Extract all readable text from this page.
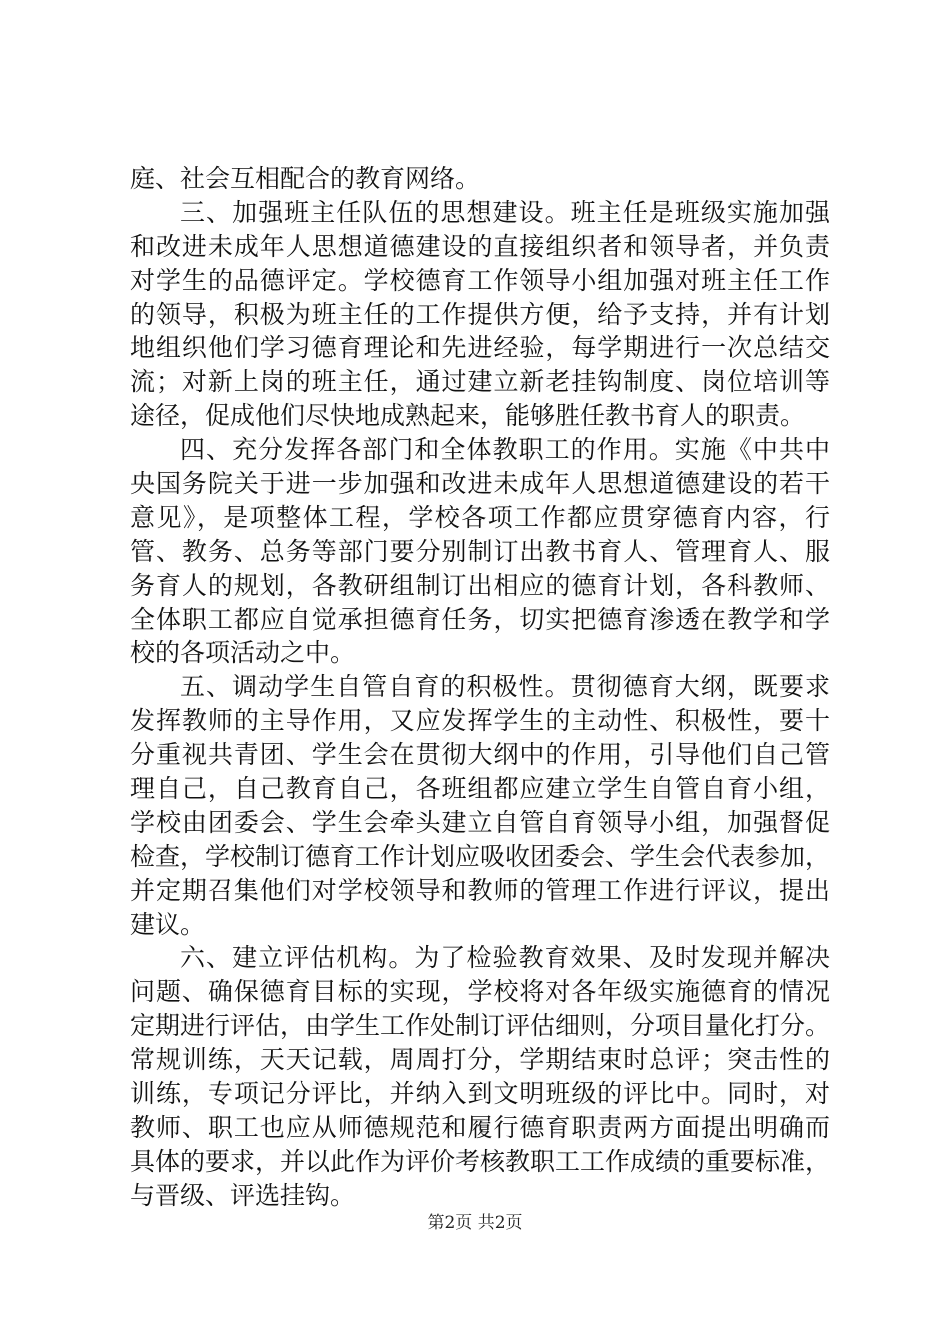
庭、社会互相配合的教育网络。
三、加强班主任队伍的思想建设。班主任是班级实施加强
和改进未成年人思想道德建设的直接组织者和领导者，并负责
对学生的品德评定。学校德育工作领导小组加强对班主任工作
的领导，积极为班主任的工作提供方便，给予支持，并有计划
地组织他们学习德育理论和先进经验，每学期进行一次总结交
流；对新上岗的班主任，通过建立新老挂钩制度、岗位培训等
途径，促成他们尽快地成熟起来，能够胜任教书育人的职责。
四、充分发挥各部门和全体教职工的作用。实施《中共中
央国务院关于进一步加强和改进未成年人思想道德建设的若干
意见》，是项整体工程，学校各项工作都应贯穿德育内容，行
管、教务、总务等部门要分别制订出教书育人、管理育人、服
务育人的规划，各教研组制订出相应的德育计划，各科教师、
全体职工都应自觉承担德育任务，切实把德育渗透在教学和学
校的各项活动之中。
五、调动学生自管自育的积极性。贯彻德育大纲，既要求
发挥教师的主导作用，又应发挥学生的主动性、积极性，要十
分重视共青团、学生会在贯彻大纲中的作用，引导他们自己管
理自己，自己教育自己，各班组都应建立学生自管自育小组，
学校由团委会、学生会牵头建立自管自育领导小组，加强督促
检查，学校制订德育工作计划应吸收团委会、学生会代表参加，
并定期召集他们对学校领导和教师的管理工作进行评议，提出
建议。
六、建立评估机构。为了检验教育效果、及时发现并解决
问题、确保德育目标的实现，学校将对各年级实施德育的情况
定期进行评估，由学生工作处制订评估细则，分项目量化打分。
常规训练，天天记载，周周打分，学期结束时总评；突击性的
训练，专项记分评比，并纳入到文明班级的评比中。同时，对
教师、职工也应从师德规范和履行德育职责两方面提出明确而
具体的要求，并以此作为评价考核教职工工作成绩的重要标准，
与晋级、评选挂钩。
第2页 共2页
